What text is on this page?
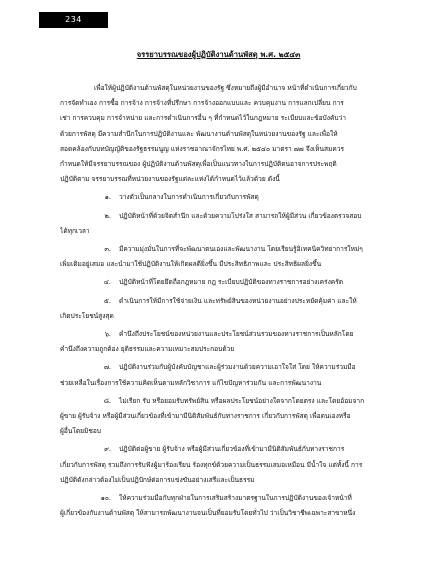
234
จรรยาบรรณของผู้ปฏิบัติงานด้านพัสดุ พ.ศ. ๒๕๔๓

เพื่อให้ผู้ปฏิบัติงานด้านพัสดุในหน่วยงานของรัฐ ซึ่งหมายถึงผู้มีอำนาจ หน้าที่ดำเนินการเกี่ยวกับ

การจัดทำเอง การซื้อ การจ้าง การจ้างที่ปรึกษา การจ้างออกแบบและ ควบคุมงาน การแลกเปลี่ยน การ

เช่า การควบคุม การจำหน่าย และการดำเนินการอื่น ๆ ที่กำหนดไว้ในกฎหมาย ระเบียบและข้อบังคับว่า

ด้วยการพัสดุ มีความสำนึกในการปฏิบัติงานและ พัฒนางานด้านพัสดุในหน่วยงานของรัฐ และเพื่อให้

สอดคล้องกับบทบัญญัติของรัฐธรรมนูญ แห่งราชอาณาจักรไทย พ.ศ. ๒๕๔๐ มาตรา ๗๗ จึงเห็นสมควร

กำหนดให้มีจรรยาบรรณของ ผู้ปฏิบัติงานด้านพัสดุเพื่อเป็นแนวทางในการปฏิบัติตนอาจการประพฤติ

ปฏิบัติตาม จรรยาบรรณที่หน่วยงานของรัฐแต่ละแห่งได้กำหนดไว้แล้วด้วย ดังนี้

๑. วางตัวเป็นกลางในการดำเนินการเกี่ยวกับการพัสดุ

๒. ปฏิบัติหน้าที่ด้วยจิตสำนึก และด้วยความโปร่งใส สามารถให้ผู้มีส่วน เกี่ยวข้องตรวจสอบ

ได้ทุกเวลา

๓. มีความมุ่งมั่นในการที่จะพัฒนาตนเองและพัฒนางาน โดยเรียนรู้อิเทคนิควิทยาการใหม่ๆ

เพิ่มเติมอยู่เสมอ และนำมาใช้ปฏิบัติงานให้เกิดผลดียิ่งขึ้น มีประสิทธิภาพและ ประสิทธิผลยิ่งขึ้น

๔. ปฏิบัติหน้าที่โดยยึดถือกฎหมาย กฎ ระเบียบปฏิบัติของทางราชการอย่างเคร่งครัด

๕. ดำเนินการให้มีการใช้จ่ายเงิน และทรัพย์สินของหน่วยงานอย่างประหยัดคุ้มค่า และให้

เกิดประโยชน์สูงสุด

๖. คำนึงถึงประโยชน์ของหน่วยงานและประโยชน์ส่วนรวมของทางราชการเป็นหลักโดย

คำนึงถึงความถูกต้อง ยุติธรรมและความเหมาะสมประกอบด้วย

๗. ปฏิบัติงานร่วมกับผู้บังคับบัญชาและผู้ร่วมงานด้วยความเอาใจใส่ โดย ให้ความร่วมมือ

ช่วยเหลือในเรื่องการใช้ความคิดเห็นตามหลักวิชาการ แก้ไขปัญหาร่วมกัน และการพัฒนางาน

๘. ไม่เรียก รับ หรือยอมรับทรัพย์สิน หรือผลประโยชน์อย่างใดจากโดยตรง และโดยอ้อมจาก

ผู้ขาย ผู้รับจ้าง หรือผู้มีส่วนเกี่ยวข้องที่เข้ามามีนิติสัมพันธ์กับทางราชการ เกี่ยวกับการพัสดุ เพื่อตนเองหรือ

ผู้อื่นโดยมิชอบ

๙. ปฏิบัติต่อผู้ขาย ผู้รับจ้าง หรือผู้มีส่วนเกี่ยวข้องที่เข้ามามีนิติสัมพันธ์กับทางราชการ

เกี่ยวกับการพัสดุ รวมถึงการรับฟังผู้มาร้องเรียน ร้องทุกข์ด้วยความเป็นธรรมเสมอเหมือน มีน้ำใจ แต่ทั้งนี้ การ

ปฏิบัติดังกล่าวต้องไม่เป็นปฏิปักษ์ต่อการแข่งขันอย่างเสรีและเป็นธรรม

๑๐. ให้ความร่วมมือกับทุกฝ่ายในการเสริมสร้างมาตรฐานในการปฏิบัติงานของเจ้าหน้าที่

ผู้เกี่ยวข้องกับงานด้านพัสดุ ให้สามารถพัฒนางานจนเป็นที่ยอมรับโดยทั่วไป ว่าเป็นวิชาชีพเฉพาะสาขาหนึ่ง
